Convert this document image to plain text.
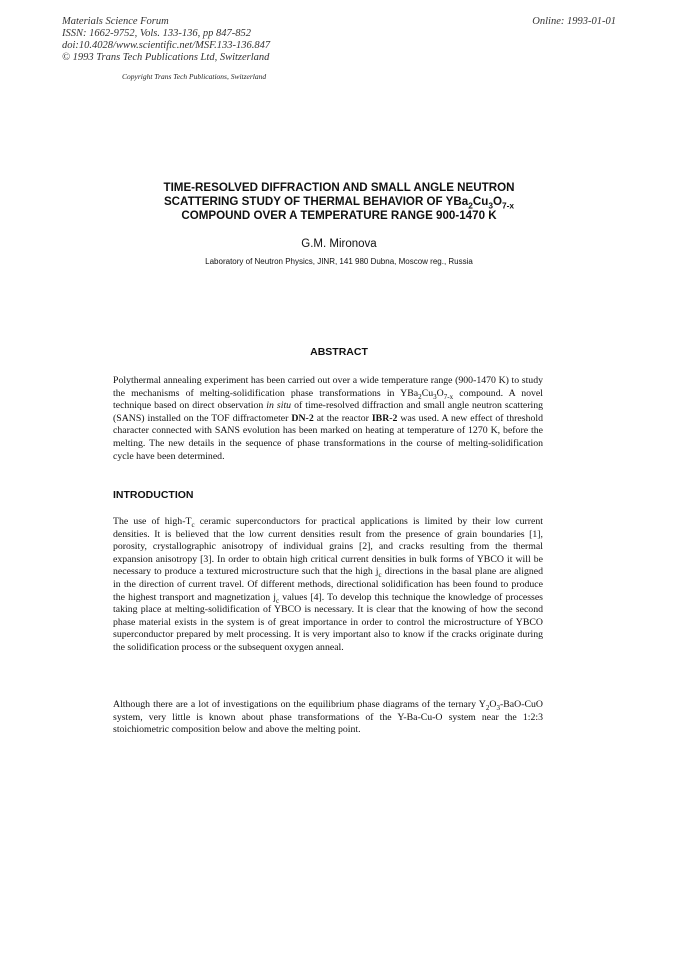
Materials Science Forum
ISSN: 1662-9752, Vols. 133-136, pp 847-852
doi:10.4028/www.scientific.net/MSF.133-136.847
© 1993 Trans Tech Publications Ltd, Switzerland
Online: 1993-01-01
Copyright Trans Tech Publications, Switzerland
TIME-RESOLVED DIFFRACTION AND SMALL ANGLE NEUTRON
SCATTERING STUDY OF THERMAL BEHAVIOR OF $YBa_2Cu_3O_{7-x}$
COMPOUND OVER A TEMPERATURE RANGE 900-1470 K
G.M. Mironova
Laboratory of Neutron Physics, JINR, 141 980 Dubna, Moscow reg., Russia
ABSTRACT

Polythermal annealing experiment has been carried out over a wide temperature range (900-1470 K) to study the mechanisms of melting-solidification phase transformations in $YBa_2Cu_3O_{7-x}$ compound. A novel technique based on direct observation in situ of time-resolved diffraction and small angle neutron scattering (SANS) installed on the TOF diffractometer DN-2 at the reactor IBR-2 was used. A new effect of threshold character connected with SANS evolution has been marked on heating at temperature of 1270 K, before the melting. The new details in the sequence of phase transformations in the course of melting-solidification cycle have been determined.

INTRODUCTION

The use of high-$T_c$ ceramic superconductors for practical applications is limited by their low current densities. It is believed that the low current densities result from the presence of grain boundaries [1], porosity, crystallographic anisotropy of individual grains [2], and cracks resulting from the thermal expansion anisotropy [3]. In order to obtain high critical current densities in bulk forms of YBCO it will be necessary to produce a textured microstructure such that the high $j_c$ directions in the basal plane are aligned in the direction of current travel. Of different methods, directional solidification has been found to produce the highest transport and magnetization $j_c$ values [4]. To develop this technique the knowledge of processes taking place at melting-solidification of YBCO is necessary. It is clear that the knowing of how the second phase material exists in the system is of great importance in order to control the microstructure of YBCO superconductor prepared by melt processing. It is very important also to know if the cracks originate during the solidification process or the subsequent oxygen anneal.

Although there are a lot of investigations on the equilibrium phase diagrams of the ternary $Y_2O_3-BaO$-CuO system, very little is known about phase transformations of the Y-Ba-Cu-O system near the 1:2:3 stoichiometric composition below and above the melting point.
